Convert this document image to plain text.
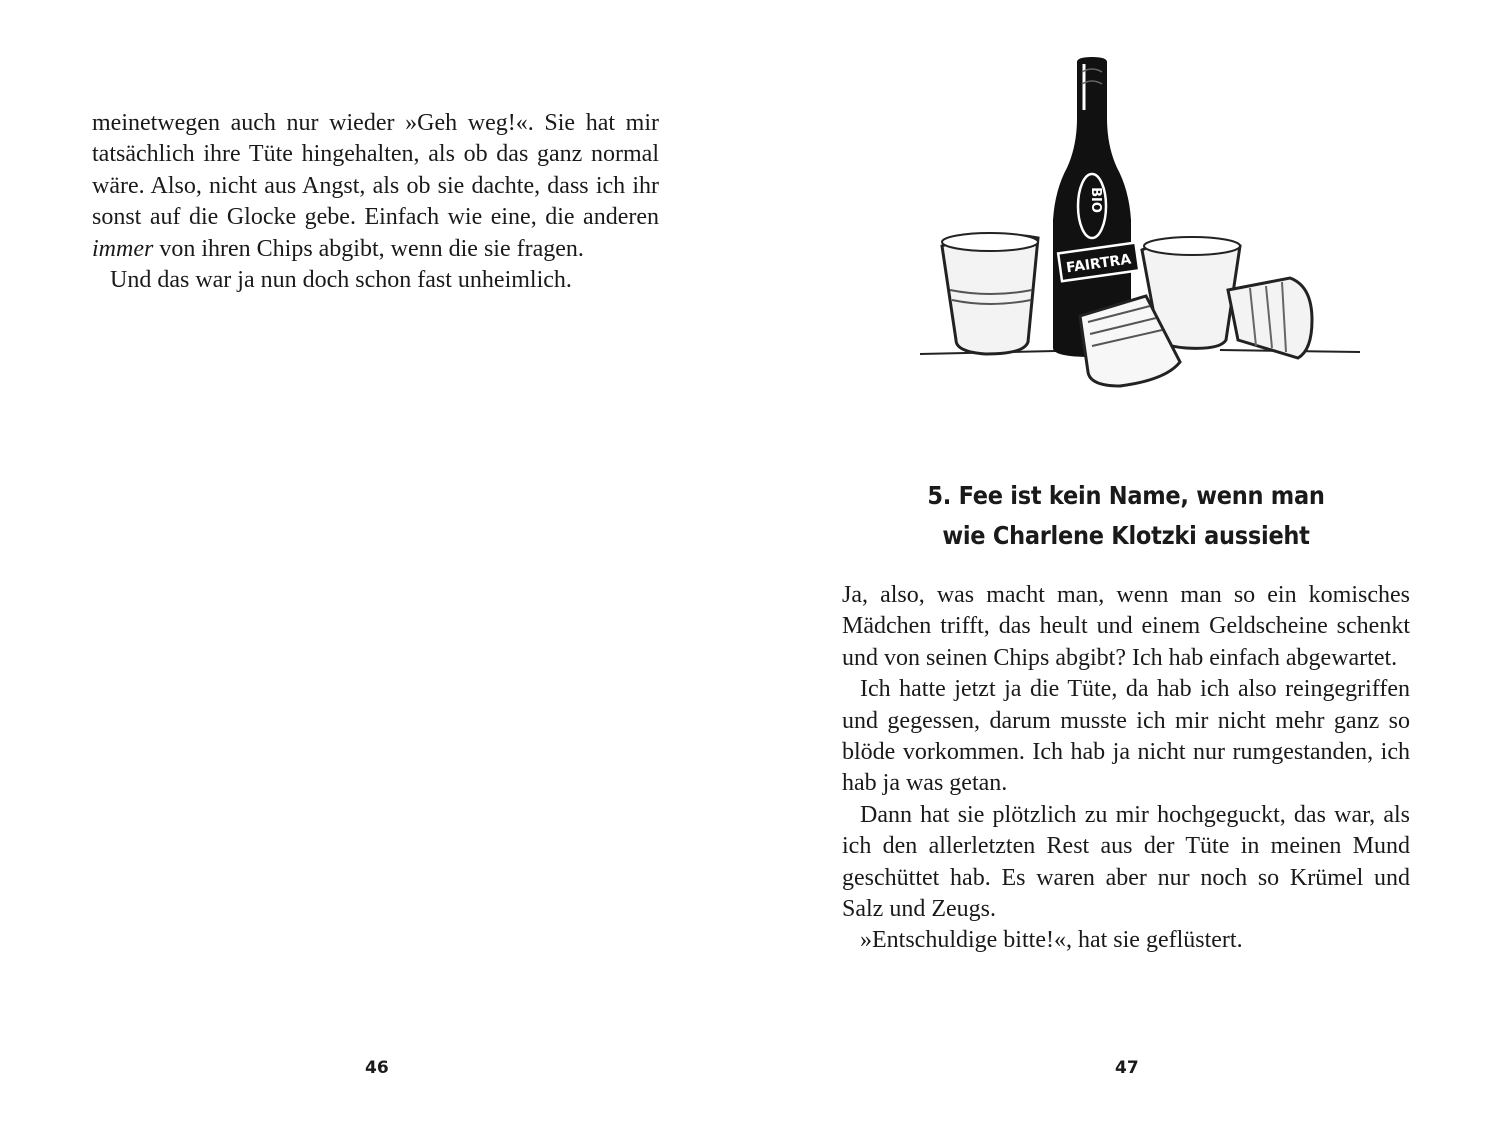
meinetwegen auch nur wieder »Geh weg!«. Sie hat mir tatsächlich ihre Tüte hingehalten, als ob das ganz normal wäre. Also, nicht aus Angst, als ob sie dachte, dass ich ihr sonst auf die Glocke gebe. Einfach wie eine, die anderen immer von ihren Chips abgibt, wenn die sie fragen.

Und das war ja nun doch schon fast unheimlich.

46
BIO
FAIRTRA
5. Fee ist kein Name, wenn man
wie Charlene Klotzki aussieht

Ja, also, was macht man, wenn man so ein komisches Mädchen trifft, das heult und einem Geldscheine schenkt und von seinen Chips abgibt? Ich hab einfach abgewartet.

Ich hatte jetzt ja die Tüte, da hab ich also reingegriffen und gegessen, darum musste ich mir nicht mehr ganz so blöde vorkommen. Ich hab ja nicht nur rumgestanden, ich hab ja was getan.

Dann hat sie plötzlich zu mir hochgeguckt, das war, als ich den allerletzten Rest aus der Tüte in meinen Mund geschüttet hab. Es waren aber nur noch so Krümel und Salz und Zeugs.

»Entschuldige bitte!«, hat sie geflüstert.

47
